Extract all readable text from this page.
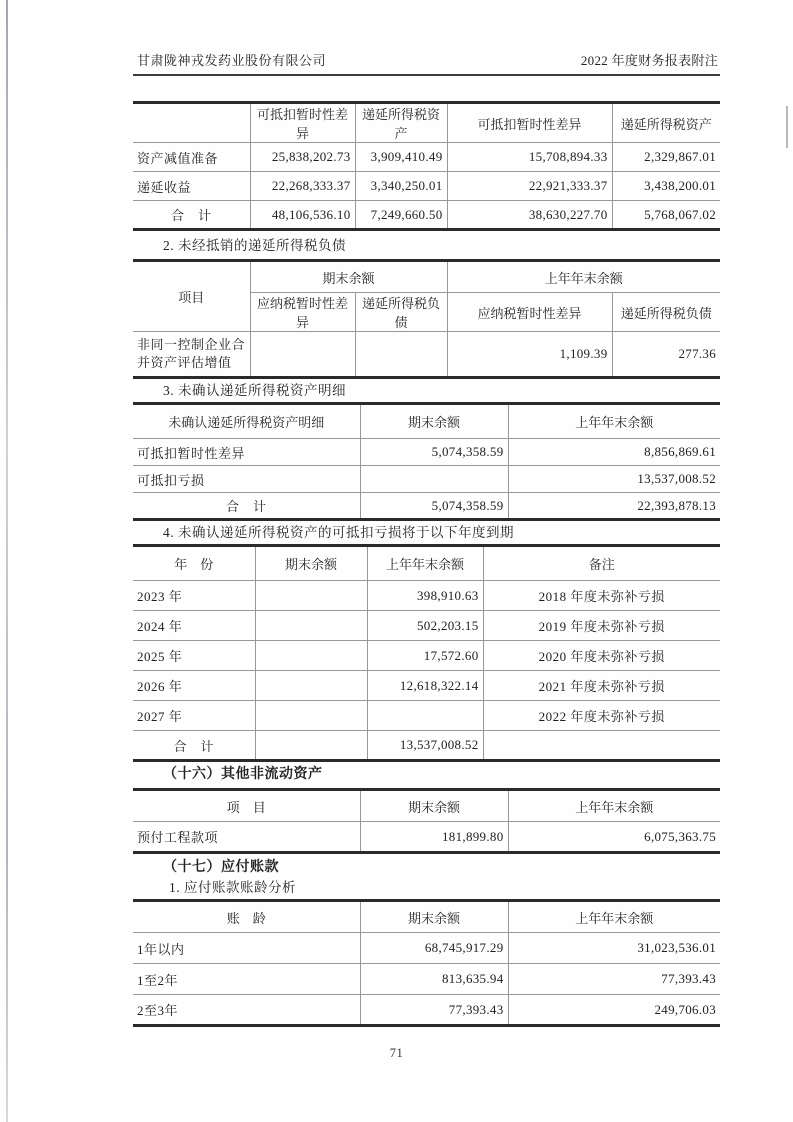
甘肃陇神戎发药业股份有限公司	2022 年度财务报表附注
	可抵扣暂时性差异	递延所得税资产	可抵扣暂时性差异	递延所得税资产
资产减值准备	25,838,202.73	3,909,410.49	15,708,894.33	2,329,867.01
递延收益	22,268,333.37	3,340,250.01	22,921,333.37	3,438,200.01
合　计	48,106,536.10	7,249,660.50	38,630,227.70	5,768,067.02
2. 未经抵销的递延所得税负债
项目	期末余额		上年年末余额	
	应纳税暂时性差异	递延所得税负债	应纳税暂时性差异	递延所得税负债
非同一控制企业合并资产评估增值			1,109.39	277.36
3. 未确认递延所得税资产明细
未确认递延所得税资产明细	期末余额	上年年末余额
可抵扣暂时性差异	5,074,358.59	8,856,869.61
可抵扣亏损		13,537,008.52
合　计	5,074,358.59	22,393,878.13
4. 未确认递延所得税资产的可抵扣亏损将于以下年度到期
年　份	期末余额	上年年末余额	备注
2023 年		398,910.63	2018 年度未弥补亏损
2024 年		502,203.15	2019 年度未弥补亏损
2025 年		17,572.60	2020 年度未弥补亏损
2026 年		12,618,322.14	2021 年度未弥补亏损
2027 年			2022 年度未弥补亏损
合　计		13,537,008.52	
（十六）其他非流动资产
项　目	期末余额	上年年末余额
预付工程款项	181,899.80	6,075,363.75
（十七）应付账款
1. 应付账款账龄分析
账　龄	期末余额	上年年末余额
1年以内	68,745,917.29	31,023,536.01
1至2年	813,635.94	77,393.43
2至3年	77,393.43	249,706.03
71
